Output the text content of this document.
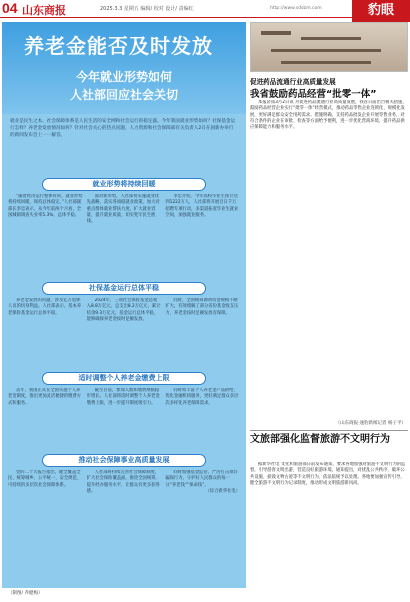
04 山东商报	2025.3.3 星期五 编辑/ 校对 设计/ 责编红	http://www.sdsbm.com	豹眼
养老金能否及时发放
今年就业形势如何
人社部回应社会关切
就业是民生之本。社会保障体系是人民生活的安全网和社会运行的稳定器。今年我国就业形势如何？社保基金运行怎样？养老金发放情况如何？针对社会关心的热点问题，人力资源和社会保障部有关负责人2日在国新办举行的新闻发布会上一一解答。
就业形势将持续回暖

“随着经济运行整体好转，就业形势将持续回暖，保持总体稳定。”人社部副部长李忠表示，从今年前两个月看，全国城镇调查失业率5.3%，总体平稳。

面对新形势，人社部将实施就业优先战略，落实各项稳就业政策，加大对重点群体就业帮扶力度，扩大就业容量，提升就业质量，切实兜牢民生底线。

李忠介绍，今年高校毕业生预计达到1222万人，人社部将开展百日千万招聘专项行动，多渠道拓宽毕业生就业空间，加强就业服务。

社保基金运行总体平稳

养老金发放的问题，涉及亿万退休人员的切身利益。人社部表示，基本养老保险基金运行总体平稳。

2024年，三项社会保险基金总收入8.8万亿元，总支出8.2万亿元，累计结余9.3万亿元，基金运行总体平稳，能够确保养老金按时足额发放。

同时，全国统筹调剂资金规模不断扩大，有效缓解了部分省份基金收支压力，养老金按时足额发放有保障。

适时调整个人养老金缴费上限

去年，我国正式在全国实施个人养老金制度，推出更加灵活便捷的缴费方式和服务。

截至目前，参加人数和缴费规模稳步增长。人社部将适时调整个人养老金缴费上限，进一步提升制度吸引力。

同时将丰富个人养老金产品供给，优化金融机构服务，更好满足群众多层次多样化养老保障需求。

推动社会保障事业高质量发展

党的二十大报告指出，健全覆盖全民、统筹城乡、公平统一、安全规范、可持续的多层次社会保障体系。

人社部将持续完善社会保障制度，扩大社会保险覆盖面，推进全国统筹，提升经办服务水平，让群众有更多获得感。

同时加强基金监管，严厉打击欺诈骗保行为，守护好人民群众的每一分“养老钱”“保命钱”。
（综合新华社电）

（制图/ 乔健梅）
促进药品流通行业高质量发展
我省鼓励药品经营“批零一体”

本报济南3月2日讯 为促进药品流通行业高质量发展，我省日前出台相关措施，鼓励药品经营企业实行“批零一体”经营模式，推动药品零售企业连锁化、规模化发展，更好满足群众安全用药需求。措施明确，支持药品批发企业开展零售业务，对符合条件的企业在审批、检查等方面给予便利，进一步优化营商环境，提升药品供应保障能力和服务水平。

（山东商报·速豹新闻记者 杨子平）
文旅部强化监督旅游不文明行为

据新华社电 文化和旅游部日前发布通知，要求各地加强对旅游不文明行为的监督，引导游客文明出游，营造良好旅游环境。通知提出，对扰乱公共秩序、破坏公共设施、损毁文物古迹等不文明行为，依法依规予以处理。各地要加强宣传引导，健全旅游不文明行为记录制度，推动形成文明旅游新风尚。
